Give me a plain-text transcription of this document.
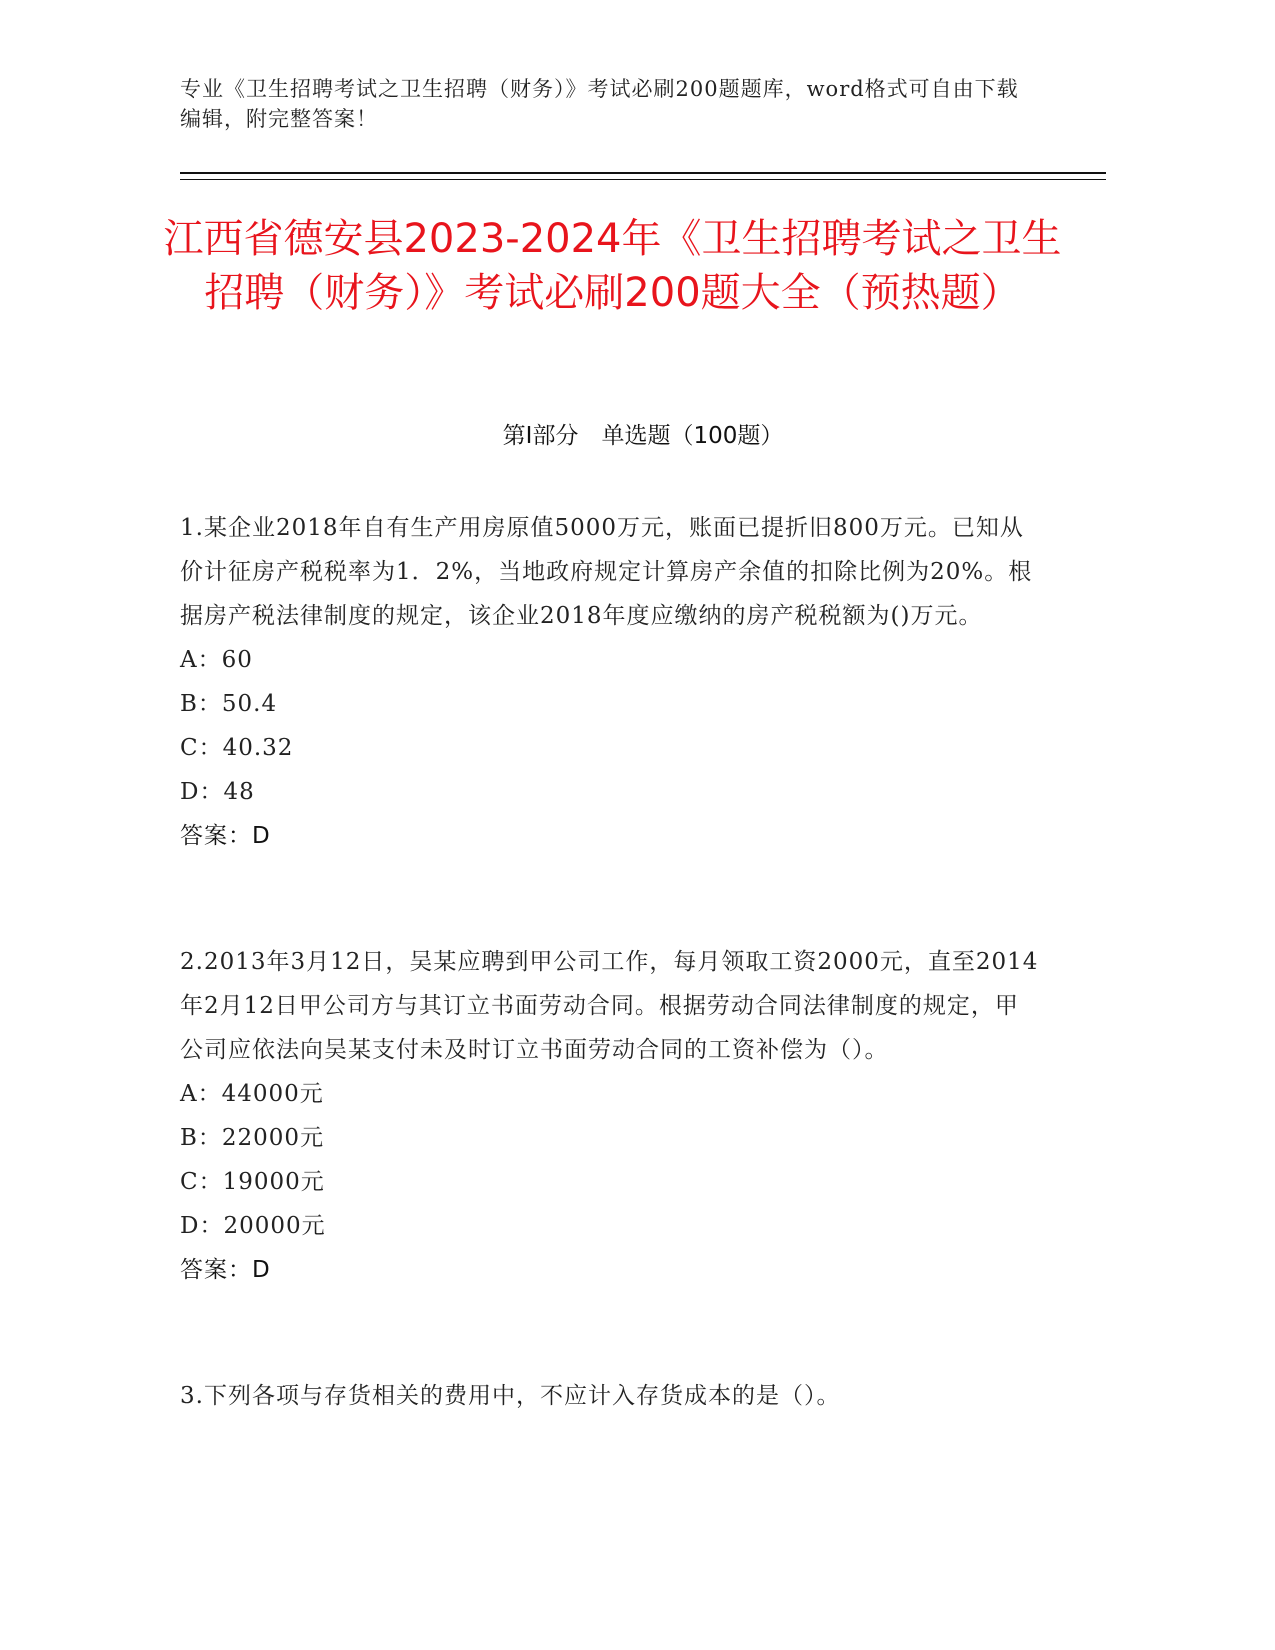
专业《卫生招聘考试之卫生招聘（财务）》考试必刷200题题库，word格式可自由下载编辑，附完整答案！
江西省德安县2023-2024年《卫生招聘考试之卫生招聘（财务）》考试必刷200题大全（预热题）
第Ⅰ部分　单选题（100题）

1.某企业2018年自有生产用房原值5000万元，账面已提折旧800万元。已知从价计征房产税税率为1．2%，当地政府规定计算房产余值的扣除比例为20%。根据房产税法律制度的规定，该企业2018年度应缴纳的房产税税额为()万元。

A：60

B：50.4

C：40.32

D：48

答案：D

2.2013年3月12日，吴某应聘到甲公司工作，每月领取工资2000元，直至2014年2月12日甲公司方与其订立书面劳动合同。根据劳动合同法律制度的规定，甲公司应依法向吴某支付未及时订立书面劳动合同的工资补偿为（）。

A：44000元

B：22000元

C：19000元

D：20000元

答案：D

3.下列各项与存货相关的费用中，不应计入存货成本的是（）。
